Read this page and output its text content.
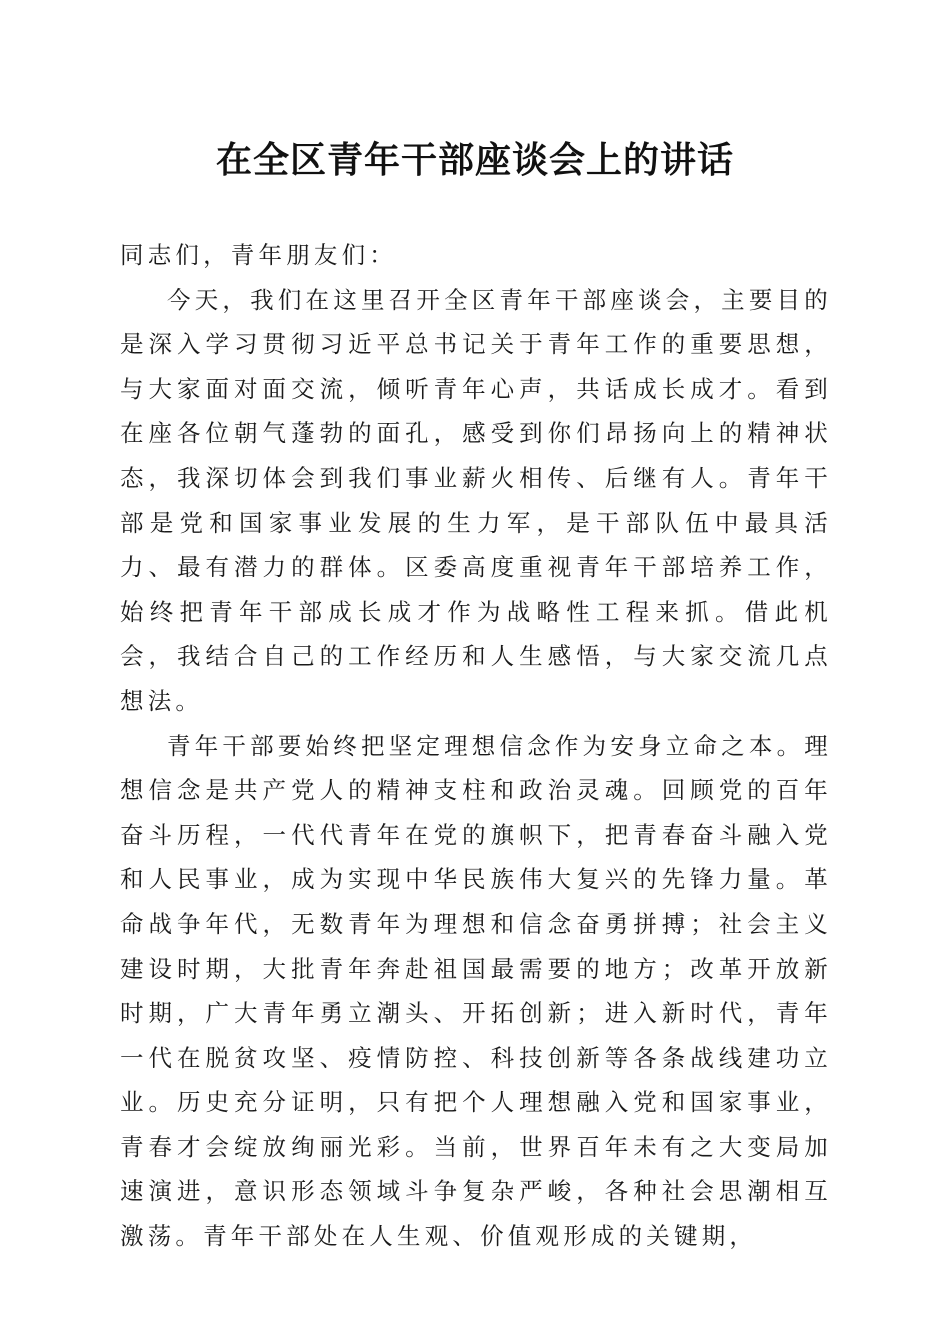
在全区青年干部座谈会上的讲话

同志们，青年朋友们：

今天，我们在这里召开全区青年干部座谈会，主要目的是深入学习贯彻习近平总书记关于青年工作的重要思想，与大家面对面交流，倾听青年心声，共话成长成才。看到在座各位朝气蓬勃的面孔，感受到你们昂扬向上的精神状态，我深切体会到我们事业薪火相传、后继有人。青年干部是党和国家事业发展的生力军，是干部队伍中最具活力、最有潜力的群体。区委高度重视青年干部培养工作，始终把青年干部成长成才作为战略性工程来抓。借此机会，我结合自己的工作经历和人生感悟，与大家交流几点想法。

青年干部要始终把坚定理想信念作为安身立命之本。理想信念是共产党人的精神支柱和政治灵魂。回顾党的百年奋斗历程，一代代青年在党的旗帜下，把青春奋斗融入党和人民事业，成为实现中华民族伟大复兴的先锋力量。革命战争年代，无数青年为理想和信念奋勇拼搏；社会主义建设时期，大批青年奔赴祖国最需要的地方；改革开放新时期，广大青年勇立潮头、开拓创新；进入新时代，青年一代在脱贫攻坚、疫情防控、科技创新等各条战线建功立业。历史充分证明，只有把个人理想融入党和国家事业，青春才会绽放绚丽光彩。当前，世界百年未有之大变局加速演进，意识形态领域斗争复杂严峻，各种社会思潮相互激荡。青年干部处在人生观、价值观形成的关键期，
